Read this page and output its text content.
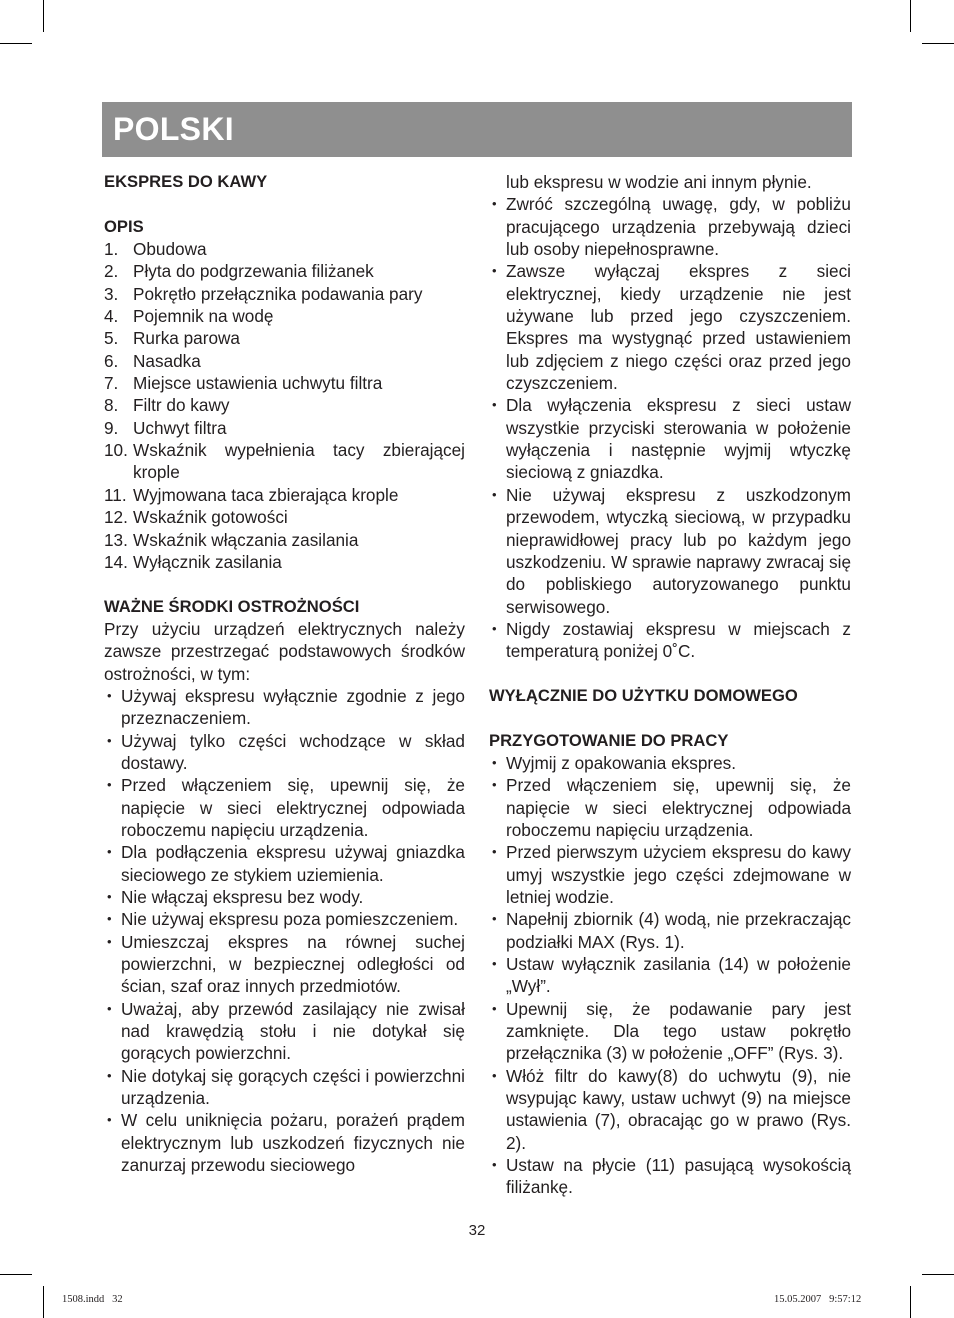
POLSKI

EKSPRES DO KAWY

OPIS

1. Obudowa
2. Płyta do podgrzewania filiżanek
3. Pokrętło przełącznika podawania pary
4. Pojemnik na wodę
5. Rurka parowa
6. Nasadka
7. Miejsce ustawienia uchwytu filtra
8. Filtr do kawy
9. Uchwyt filtra
10. Wskaźnik wypełnienia tacy zbierającej krople
11. Wyjmowana taca zbierająca krople
12. Wskaźnik gotowości
13. Wskaźnik włączania zasilania
14. Wyłącznik zasilania

WAŻNE ŚRODKI OSTROŻNOŚCI

Przy użyciu urządzeń elektrycznych należy zawsze przestrzegać podstawowych środków ostrożności, w tym:

• Używaj ekspresu wyłącznie zgodnie z jego przeznaczeniem.
• Używaj tylko części wchodzące w skład dostawy.
• Przed włączeniem się, upewnij się, że napięcie w sieci elektrycznej odpowiada roboczemu napięciu urządzenia.
• Dla podłączenia ekspresu używaj gniazdka sieciowego ze stykiem uziemienia.
• Nie włączaj ekspresu bez wody.
• Nie używaj ekspresu poza pomieszczeniem.
• Umieszczaj ekspres na równej suchej powierzchni, w bezpiecznej odległości od ścian, szaf oraz innych przedmiotów.
• Uważaj, aby przewód zasilający nie zwisał nad krawędzią stołu i nie dotykał się gorących powierzchni.
• Nie dotykaj się gorących części i powierzchni urządzenia.
• W celu uniknięcia pożaru, porażeń prądem elektrycznym lub uszkodzeń fizycznych nie zanurzaj przewodu sieciowego

lub ekspresu w wodzie ani innym płynie.

• Zwróć szczególną uwagę, gdy, w pobliżu pracującego urządzenia przebywają dzieci lub osoby niepełnosprawne.
• Zawsze wyłączaj ekspres z sieci elektrycznej, kiedy urządzenie nie jest używane lub przed jego czyszczeniem. Ekspres ma wystygnąć przed ustawieniem lub zdjęciem z niego części oraz przed jego czyszczeniem.
• Dla wyłączenia ekspresu z sieci ustaw wszystkie przyciski sterowania w położenie wyłączenia i następnie wyjmij wtyczkę sieciową z gniazdka.
• Nie używaj ekspresu z uszkodzonym przewodem, wtyczką sieciową, w przypadku nieprawidłowej pracy lub po każdym jego uszkodzeniu. W sprawie naprawy zwracaj się do pobliskiego autoryzowanego punktu serwisowego.
• Nigdy zostawiaj ekspresu w miejscach z temperaturą poniżej 0˚C.

WYŁĄCZNIE DO UŻYTKU DOMOWEGO

PRZYGOTOWANIE DO PRACY

• Wyjmij z opakowania ekspres.
• Przed włączeniem się, upewnij się, że napięcie w sieci elektrycznej odpowiada roboczemu napięciu urządzenia.
• Przed pierwszym użyciem ekspresu do kawy umyj wszystkie jego części zdejmowane w letniej wodzie.
• Napełnij zbiornik (4) wodą, nie przekraczając podziałki MAX (Rys. 1).
• Ustaw wyłącznik zasilania (14) w położenie „Wył”.
• Upewnij się, że podawanie pary jest zamknięte. Dla tego ustaw pokrętło przełącznika (3) w położenie „OFF” (Rys. 3).
• Włóż filtr do kawy(8) do uchwytu (9), nie wsypując kawy, ustaw uchwyt (9) na miejsce ustawienia (7), obracając go w prawo (Rys. 2).
• Ustaw na płycie (11) pasującą wysokością filiżankę.
32
1508.indd   32	15.05.2007   9:57:12
